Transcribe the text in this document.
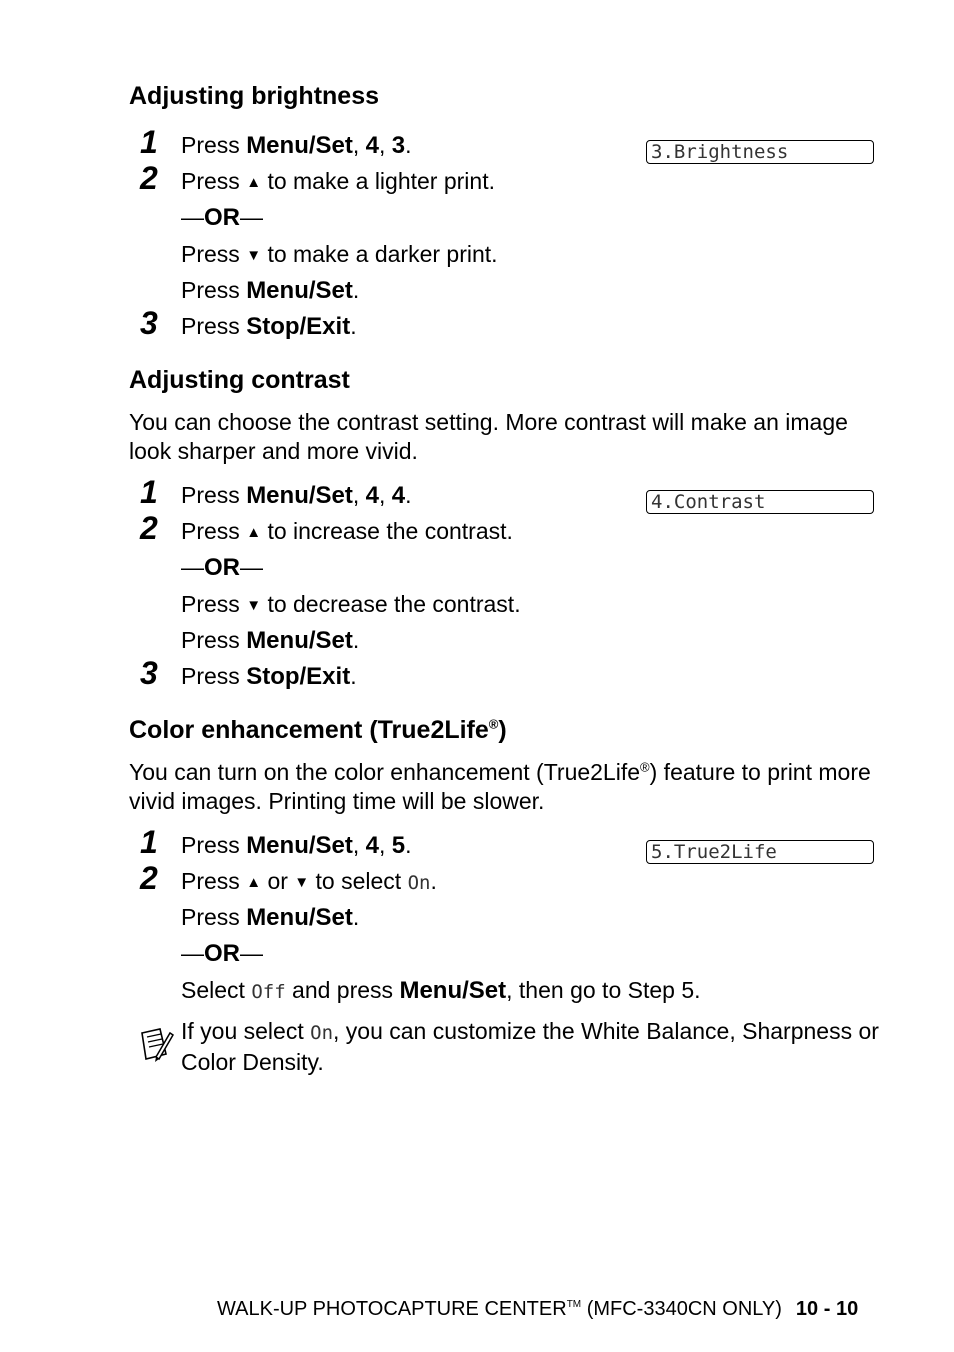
Adjusting brightness
1 Press Menu/Set, 4, 3.	3.Brightness
2 Press ▲ to make a lighter print.
—OR—
Press ▼ to make a darker print.
Press Menu/Set.
3 Press Stop/Exit.
Adjusting contrast

You can choose the contrast setting. More contrast will make an image look sharper and more vivid.

1 Press Menu/Set, 4, 4.	4.Contrast
2 Press ▲ to increase the contrast.
—OR—
Press ▼ to decrease the contrast.
Press Menu/Set.
3 Press Stop/Exit.
Color enhancement (True2Life®)

You can turn on the color enhancement (True2Life®) feature to print more vivid images. Printing time will be slower.

1 Press Menu/Set, 4, 5.	5.True2Life
2 Press ▲ or ▼ to select On.
Press Menu/Set.
—OR—
Select Off and press Menu/Set, then go to Step 5.

If you select On, you can customize the White Balance, Sharpness or Color Density.

WALK-UP PHOTOCAPTURE CENTER™ (MFC-3340CN ONLY) 10 - 10
